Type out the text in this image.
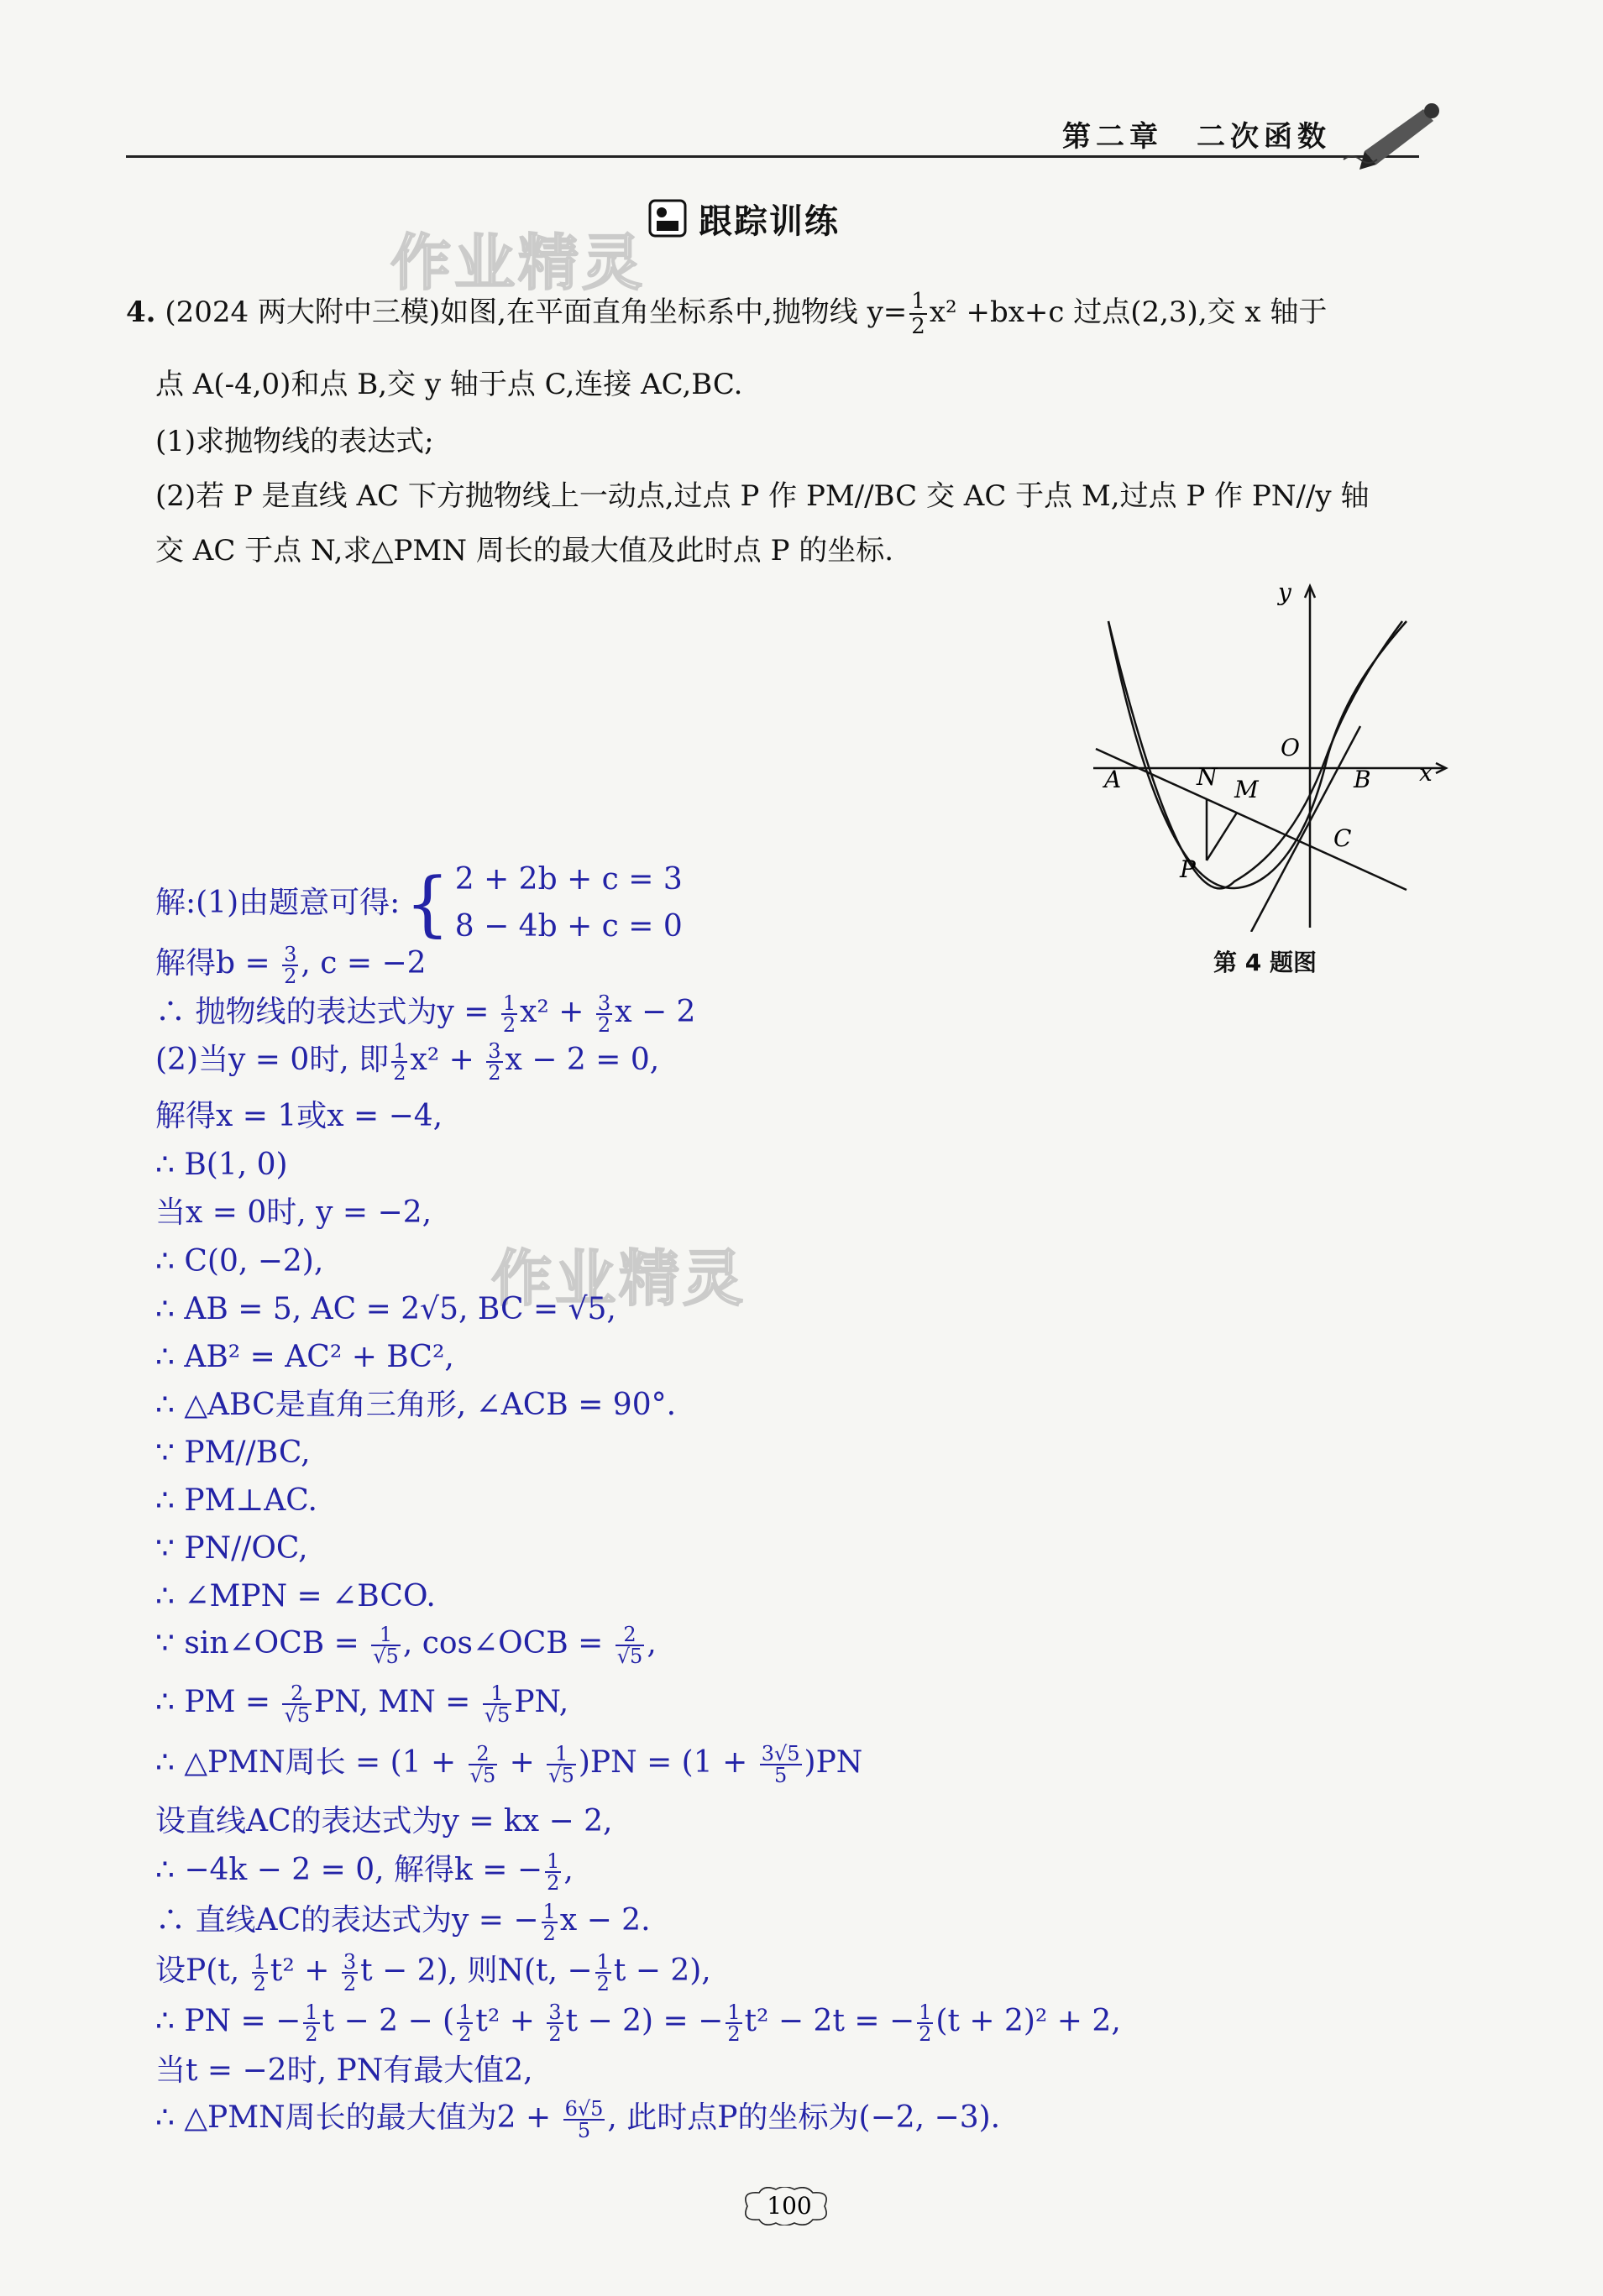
第二章　二次函数
跟踪训练
作业精灵
作业精灵
4. (2024 两大附中三模)如图,在平面直角坐标系中,抛物线 $y= \frac{1}{2} x^2 +bx+c$ 过点(2,3),交 x 轴于
点 A(-4,0)和点 B,交 y 轴于点 C,连接 AC,BC.
(1)求抛物线的表达式;
(2)若 P 是直线 AC 下方抛物线上一动点,过点 P 作 PM//BC 交 AC 于点 M,过点 P 作 PN//y 轴
交 AC 于点 N,求△PMN 周长的最大值及此时点 P 的坐标.
y
x
O
A	B
C
N M
P
第 4 题图
解:(1)由题意可得: { 2 + 2b + c = 3
8 − 4b + c = 0
解得$b = \frac{3}{2}$ , c = −2
∴ 抛物线的表达式为$y = \frac{1}{2} x^2 + \frac{3}{2}$ x − 2
(2)当y = 0时, 即 $\frac{1}{2} x^2 + \frac{3}{2}$ x − 2 = 0,
解得x = 1或x = −4,
∴ B(1, 0)
当x = 0时, y = −2,
∴ C(0, −2),
∴ AB = 5, AC = 2√5, BC = √5,
∴ AB² = AC² + BC²,
∴ △ABC是直角三角形, ∠ACB = 90°.
∵ PM//BC,
∴ PM⊥AC.
∵ PN//OC,
∴ ∠MPN = ∠BCO.
∵ sin∠OCB = $\frac{1}{√5}$ , cos∠OCB = $\frac{2}{√5}$ ,
∴ PM = $\frac{2}{√5}$ PN, MN = $\frac{1}{√5}$ PN,
∴ △PMN周长 = $(1 + \frac{2}{√5} + \frac{1}{√5} )PN = (1 + \frac{3√5}{5} )PN$
设直线AC的表达式为y = kx − 2,
∴ −4k − 2 = 0, 解得k = − $\frac{1}{2}$ ,
∴ 直线AC的表达式为y = − $\frac{1}{2}$ x − 2.
设P(t, $\frac{1}{2} t^2 + \frac{3}{2}$ t − 2), 则N(t, − $\frac{1}{2}$ t − 2),
∴ PN = − $\frac{1}{2}$ t − 2 − ( $\frac{1}{2} t^2 + \frac{3}{2}$ t − 2) = − $\frac{1}{2} t^2 - 2t$ = − $\frac{1}{2} (t + 2)^2 + 2$,
当t = −2时, PN有最大值2,
∴ △PMN周长的最大值为$2 + \frac{6√5}{5}$ , 此时点P的坐标为(−2, −3).
100
